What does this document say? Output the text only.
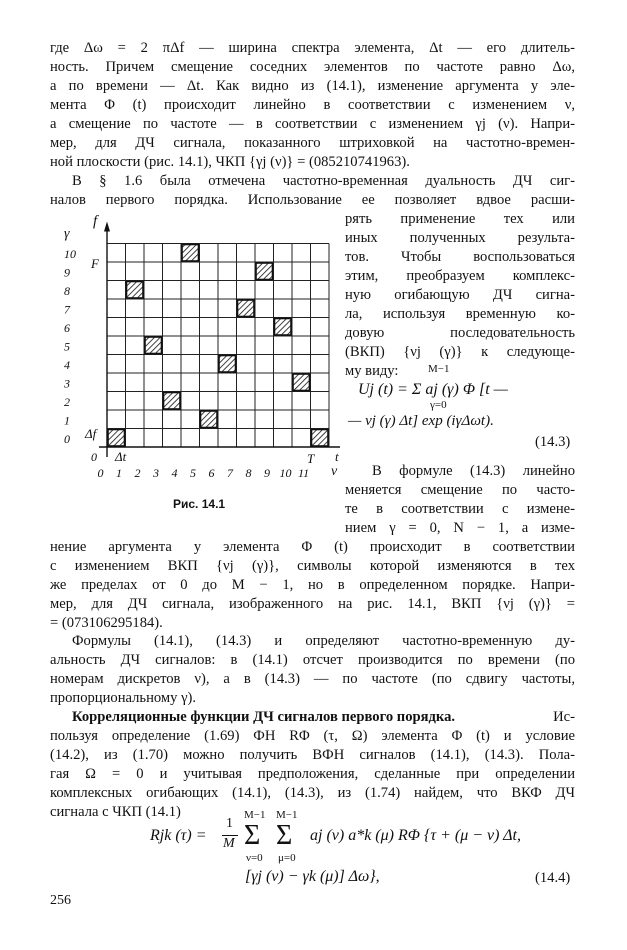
где Δω = 2 πΔf — ширина спектра элемента, Δt — его длитель-
ность. Причем смещение соседних элементов по частоте равно Δω,
а по времени — Δt. Как видно из (14.1), изменение аргумента у эле-
мента Φ (t) происходит линейно в соответствии с изменением ν,
а смещение по частоте — в соответствии с изменением γj (ν). Напри-
мер, для ДЧ сигнала, показанного штриховкой на частотно-времен-
ной плоскости (рис. 14.1), ЧКП {γj (ν)} = (085210741963).
В § 1.6 была отмечена частотно-временная дуальность ДЧ сиг-
налов первого порядка. Использование ее позволяет вдвое расши-
рять применение тех или
иных полученных результа-
тов. Чтобы воспользоваться
этим, преобразуем комплекс-
ную огибающую ДЧ сигна-
ла, используя временную ко-
довую последовательность
(ВКП) {νj (γ)} к следующе-
му виду:	M−1
Uj (t) = Σ aj (γ) Φ [t —
γ=0
— νj (γ) Δt] exp (iγΔωt).
(14.3)
В формуле (14.3) линейно
меняется смещение по часто-
те в соответствии с измене-
нием γ = 0, N − 1, а изме-
f
γ
F
10
9
8
7
6
5
4
3
2
1
0 Δf
0 Δt	T t
0 1 2 3 4 5 6 7 8 9 10 11 ν
Рис. 14.1
нение аргумента у элемента Φ (t) происходит в соответствии
с изменением ВКП {νj (γ)}, символы которой изменяются в тех
же пределах от 0 до M − 1, но в определенном порядке. Напри-
мер, для ДЧ сигнала, изображенного на рис. 14.1, ВКП {νj (γ)} =
= (073106295184).
Формулы (14.1), (14.3) и определяют частотно-временную ду-
альность ДЧ сигналов: в (14.1) отсчет производится по времени (по
номерам дискретов ν), а в (14.3) — по частоте (по сдвигу частоты,
пропорциональному γ).
Корреляционные функции ДЧ сигналов первого порядка.	Ис-
пользуя определение (1.69) ФН RΦ (τ, Ω) элемента Φ (t) и условие
(14.2), из (1.70) можно получить ВФН сигналов (14.1), (14.3). Пола-
гая Ω = 0 и учитывая предположения, сделанные при определении
комплексных огибающих (14.1), (14.3), из (1.74) найдем, что ВКФ ДЧ
сигнала с ЧКП (14.1)
Rjk (τ) =
1
M
M−1
Σ
ν=0
M−1
Σ
μ=0
aj (ν) a*k (μ) RΦ {τ + (μ − ν) Δt,
[γj (ν) − γk (μ)] Δω},	(14.4)
256
